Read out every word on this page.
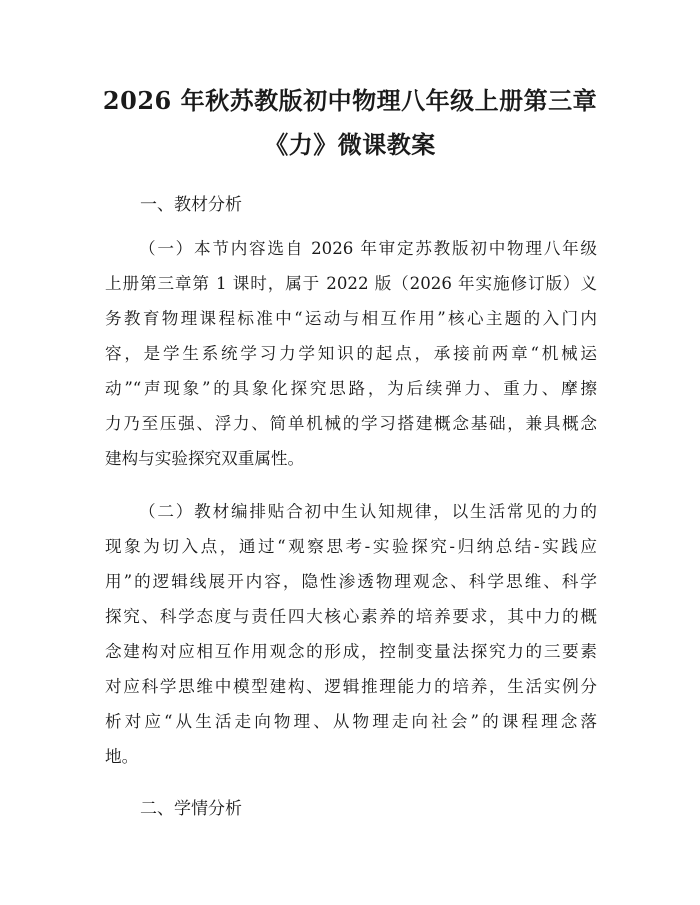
2026 年秋苏教版初中物理八年级上册第三章
《力》微课教案
一、教材分析
（一）本节内容选自 2026 年审定苏教版初中物理八年级
上册第三章第 1 课时，属于 2022 版（2026 年实施修订版）义
务教育物理课程标准中“运动与相互作用”核心主题的入门内
容，是学生系统学习力学知识的起点，承接前两章“机械运
动”“声现象”的具象化探究思路，为后续弹力、重力、摩擦
力乃至压强、浮力、简单机械的学习搭建概念基础，兼具概念
建构与实验探究双重属性。
（二）教材编排贴合初中生认知规律，以生活常见的力的
现象为切入点，通过“观察思考-实验探究-归纳总结-实践应
用”的逻辑线展开内容，隐性渗透物理观念、科学思维、科学
探究、科学态度与责任四大核心素养的培养要求，其中力的概
念建构对应相互作用观念的形成，控制变量法探究力的三要素
对应科学思维中模型建构、逻辑推理能力的培养，生活实例分
析对应“从生活走向物理、从物理走向社会”的课程理念落
地。
二、学情分析
